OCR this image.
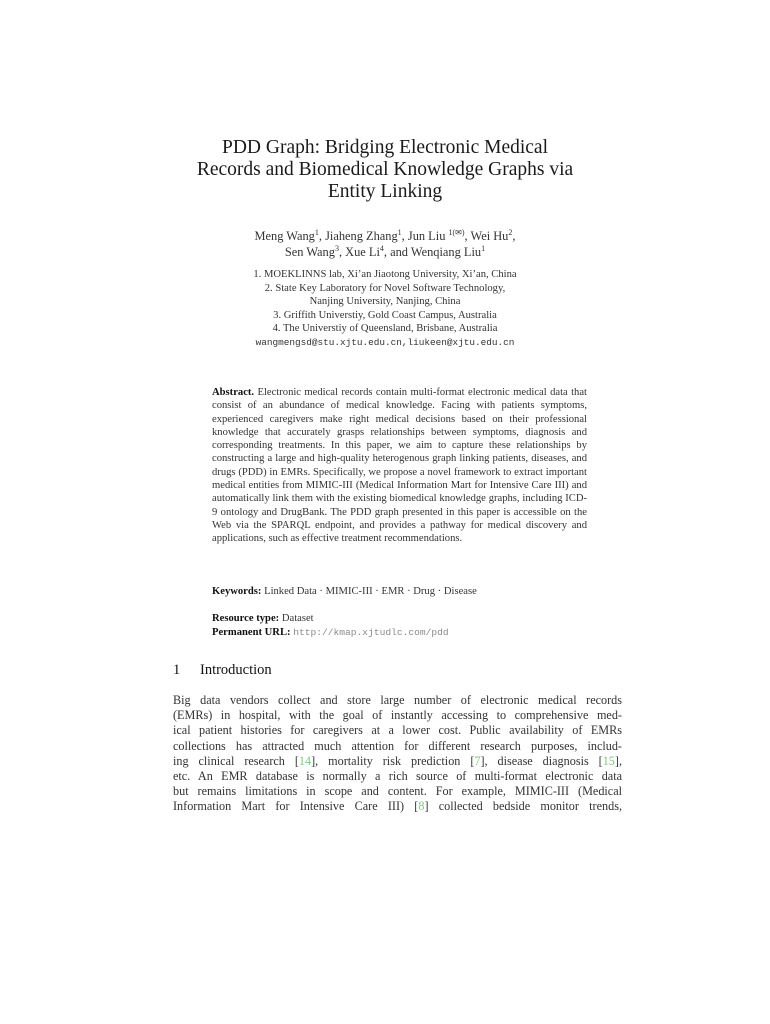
PDD Graph: Bridging Electronic Medical
Records and Biomedical Knowledge Graphs via
Entity Linking
Meng Wang$^1$, Jiaheng Zhang$^1$, Jun Liu $^{1(✉)}$, Wei Hu$^2$,
Sen Wang$^3$, Xue Li$^4$, and Wenqiang Liu$^1$
1. MOEKLINNS lab, Xi’an Jiaotong University, Xi’an, China
2. State Key Laboratory for Novel Software Technology,
Nanjing University, Nanjing, China
3. Griffith Universtiy, Gold Coast Campus, Australia
4. The Universtiy of Queensland, Brisbane, Australia
wangmengsd@stu.xjtu.edu.cn,liukeen@xjtu.edu.cn
Abstract. Electronic medical records contain multi-format electronic medical data that consist of an abundance of medical knowledge. Facing with patients symptoms, experienced caregivers make right medical decisions based on their professional knowledge that accurately grasps relationships between symptoms, diagnosis and corresponding treatments. In this paper, we aim to capture these relationships by constructing a large and high-quality heterogenous graph linking patients, diseases, and drugs (PDD) in EMRs. Specifically, we propose a novel framework to extract important medical entities from MIMIC-III (Medical Information Mart for Intensive Care III) and automatically link them with the existing biomedical knowledge graphs, including ICD-9 ontology and DrugBank. The PDD graph presented in this paper is accessible on the Web via the SPARQL endpoint, and provides a pathway for medical discovery and applications, such as effective treatment recommendations.
Keywords: Linked Data · MIMIC-III · EMR · Drug · Disease
Resource type: Dataset
Permanent URL: http://kmap.xjtudlc.com/pdd
1 Introduction
Big data vendors collect and store large number of electronic medical records
(EMRs) in hospital, with the goal of instantly accessing to comprehensive med-
ical patient histories for caregivers at a lower cost. Public availability of EMRs
collections has attracted much attention for different research purposes, includ-
ing clinical research [14], mortality risk prediction [7], disease diagnosis [15],
etc. An EMR database is normally a rich source of multi-format electronic data
but remains limitations in scope and content. For example, MIMIC-III (Medical
Information Mart for Intensive Care III) [8] collected bedside monitor trends,
